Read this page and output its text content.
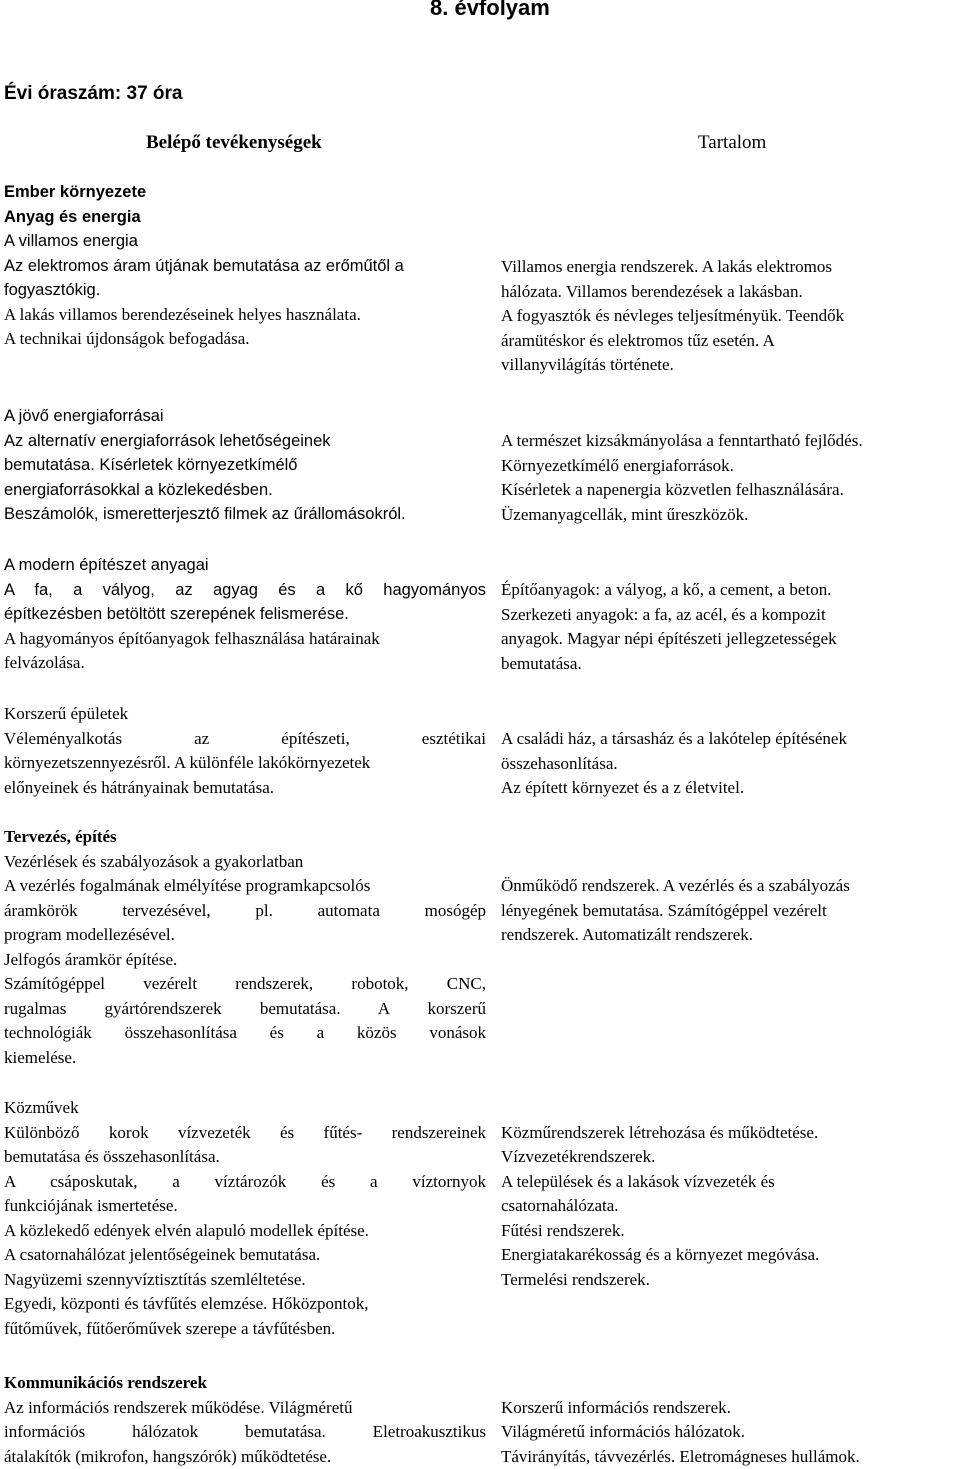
8. évfolyam
Évi óraszám: 37 óra
Belépő tevékenységek	Tartalom
Ember környezete
Anyag és energia
A villamos energia
Az elektromos áram útjának bemutatása az erőműtől a
fogyasztókig.
A lakás villamos berendezéseinek helyes használata.
A technikai újdonságok befogadása.
Villamos energia rendszerek. A lakás elektromos
hálózata. Villamos berendezések a lakásban.
A fogyasztók és névleges teljesítményük. Teendők
áramütéskor és elektromos tűz esetén. A
villanyvilágítás története.
A jövő energiaforrásai
Az alternatív energiaforrások lehetőségeinek
bemutatása. Kísérletek környezetkímélő
energiaforrásokkal a közlekedésben.
Beszámolók, ismeretterjesztő filmek az űrállomásokról.
A természet kizsákmányolása a fenntartható fejlődés.
Környezetkímélő energiaforrások.
Kísérletek a napenergia közvetlen felhasználására.
Üzemanyagcellák, mint űreszközök.
A modern építészet anyagai
A fa, a vályog, az agyag és a kő hagyományos
építkezésben betöltött szerepének felismerése.
A hagyományos építőanyagok felhasználása határainak
felvázolása.
Építőanyagok: a vályog, a kő, a cement, a beton.
Szerkezeti anyagok: a fa, az acél, és a kompozit
anyagok. Magyar népi építészeti jellegzetességek
bemutatása.
Korszerű épületek
Véleményalkotás az építészeti, esztétikai
környezetszennyezésről. A különféle lakókörnyezetek
előnyeinek és hátrányainak bemutatása.
A családi ház, a társasház és a lakótelep építésének
összehasonlítása.
Az épített környezet és a z életvitel.
Tervezés, építés
Vezérlések és szabályozások a gyakorlatban
A vezérlés fogalmának elmélyítése programkapcsolós
áramkörök tervezésével, pl. automata mosógép
program modellezésével.
Jelfogós áramkör építése.
Számítógéppel vezérelt rendszerek, robotok, CNC,
rugalmas gyártórendszerek bemutatása. A korszerű
technológiák összehasonlítása és a közös vonások
kiemelése.
Önműködő rendszerek. A vezérlés és a szabályozás
lényegének bemutatása. Számítógéppel vezérelt
rendszerek. Automatizált rendszerek.
Közművek
Különböző korok vízvezeték és fűtés- rendszereinek
bemutatása és összehasonlítása.
A csáposkutak, a víztározók és a víztornyok
funkciójának ismertetése.
A közlekedő edények elvén alapuló modellek építése.
A csatornahálózat jelentőségeinek bemutatása.
Nagyüzemi szennyvíztisztítás szemléltetése.
Egyedi, központi és távfűtés elemzése. Hőközpontok,
fűtőművek, fűtőerőművek szerepe a távfűtésben.
Közműrendszerek létrehozása és működtetése.
Vízvezetékrendszerek.
A települések és a lakások vízvezeték és
csatornahálózata.
Fűtési rendszerek.
Energiatakarékosság és a környezet megóvása.
Termelési rendszerek.
Kommunikációs rendszerek
Az információs rendszerek működése. Világméretű
információs hálózatok bemutatása. Eletroakusztikus
átalakítók (mikrofon, hangszórók) működtetése.
Korszerű információs rendszerek.
Világméretű információs hálózatok.
Távirányítás, távvezérlés. Eletromágneses hullámok.
